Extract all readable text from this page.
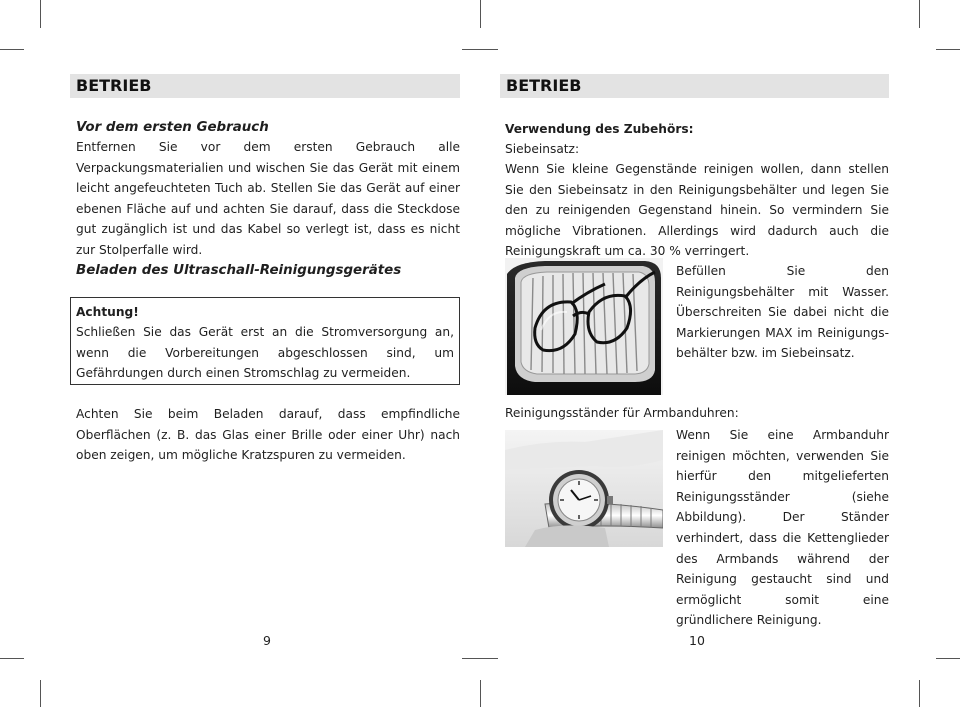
BETRIEB
Vor dem ersten Gebrauch
Entfernen Sie vor dem ersten Gebrauch alle Verpackungsmaterialien und wischen Sie das Gerät mit einem leicht angefeuchteten Tuch ab. Stellen Sie das Gerät auf einer ebenen Fläche auf und achten Sie darauf, dass die Steckdose gut zugänglich ist und das Kabel so verlegt ist, dass es nicht zur Stolperfalle wird.
Beladen des Ultraschall-Reinigungsgerätes
Achtung!
Schließen Sie das Gerät erst an die Stromversorgung an, wenn die Vorbereitungen abgeschlossen sind, um Gefährdungen durch einen Stromschlag zu vermeiden.
Achten Sie beim Beladen darauf, dass empfindliche Oberflächen (z. B. das Glas einer Brille oder einer Uhr) nach oben zeigen, um mögliche Kratzspuren zu vermeiden.
9
BETRIEB
Verwendung des Zubehörs:
Siebeinsatz:
Wenn Sie kleine Gegenstände reinigen wollen, dann stellen Sie den Siebeinsatz in den Reinigungsbehälter und legen Sie den zu reinigenden Gegenstand hinein. So vermindern Sie mögliche Vibrationen. Allerdings wird dadurch auch die Reinigungskraft um ca. 30 % verringert.
Befüllen Sie den Reinigungsbehälter mit Wasser. Überschreiten Sie dabei nicht die Markierungen MAX im Reinigungsbehälter bzw. im Siebeinsatz.
Reinigungsständer für Armbanduhren:
Wenn Sie eine Armbanduhr reinigen möchten, verwenden Sie hierfür den mitgelieferten Reinigungsständer (siehe Abbildung). Der Ständer verhindert, dass die Kettenglieder des Armbands während der Reinigung gestaucht sind und ermöglicht somit eine gründlichere Reinigung.
10
